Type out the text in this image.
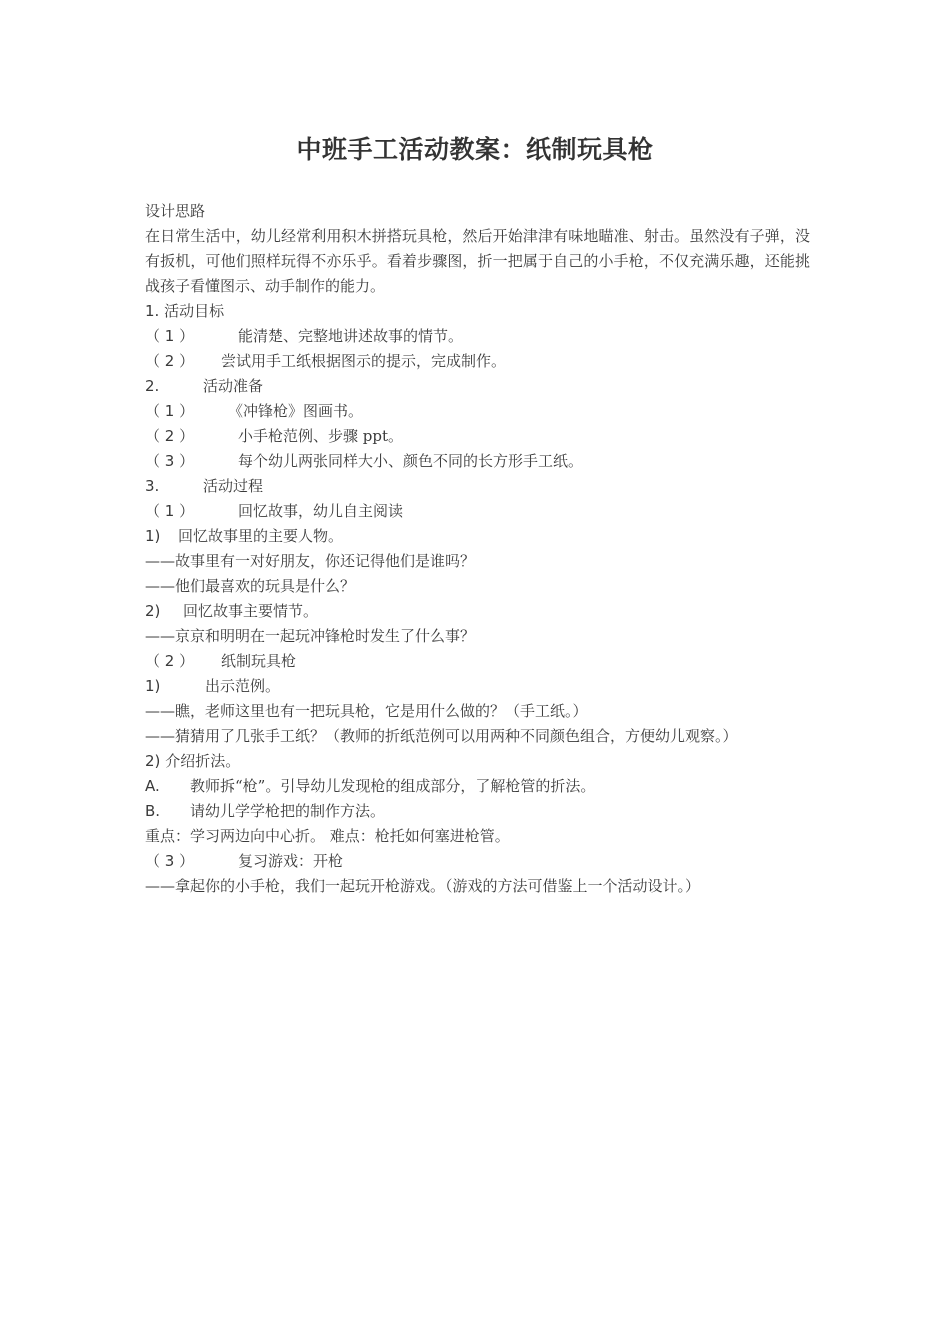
中班手工活动教案：纸制玩具枪
设计思路
在日常生活中，幼儿经常利用积木拼搭玩具枪，然后开始津津有味地瞄准、射击。虽然没有子弹，没有扳机，可他们照样玩得不亦乐乎。看着步骤图，折一把属于自己的小手枪，不仅充满乐趣，还能挑战孩子看懂图示、动手制作的能力。
1. 活动目标
（ 1 ）	能清楚、完整地讲述故事的情节。
（ 2 ） 尝试用手工纸根据图示的提示，完成制作。
2.	活动准备
（ 1 ） 《冲锋枪》图画书。
（ 2 ）	小手枪范例、步骤 ppt。
（ 3 ）	每个幼儿两张同样大小、颜色不同的长方形手工纸。
3.	活动过程
（ 1 ）	回忆故事，幼儿自主阅读
1) 回忆故事里的主要人物。
——故事里有一对好朋友，你还记得他们是谁吗？
——他们最喜欢的玩具是什么？
2) 回忆故事主要情节。
——京京和明明在一起玩冲锋枪时发生了什么事？
（ 2 ） 纸制玩具枪
1)	出示范例。
——瞧，老师这里也有一把玩具枪，它是用什么做的？（手工纸。）
——猜猜用了几张手工纸？（教师的折纸范例可以用两种不同颜色组合，方便幼儿观察。）
2) 介绍折法。
A. 教师拆“枪”。引导幼儿发现枪的组成部分，了解枪管的折法。
B. 请幼儿学学枪把的制作方法。
重点：学习两边向中心折。 难点：枪托如何塞进枪管。
（ 3 ）	复习游戏：开枪
——拿起你的小手枪，我们一起玩开枪游戏。（游戏的方法可借鉴上一个活动设计。）
